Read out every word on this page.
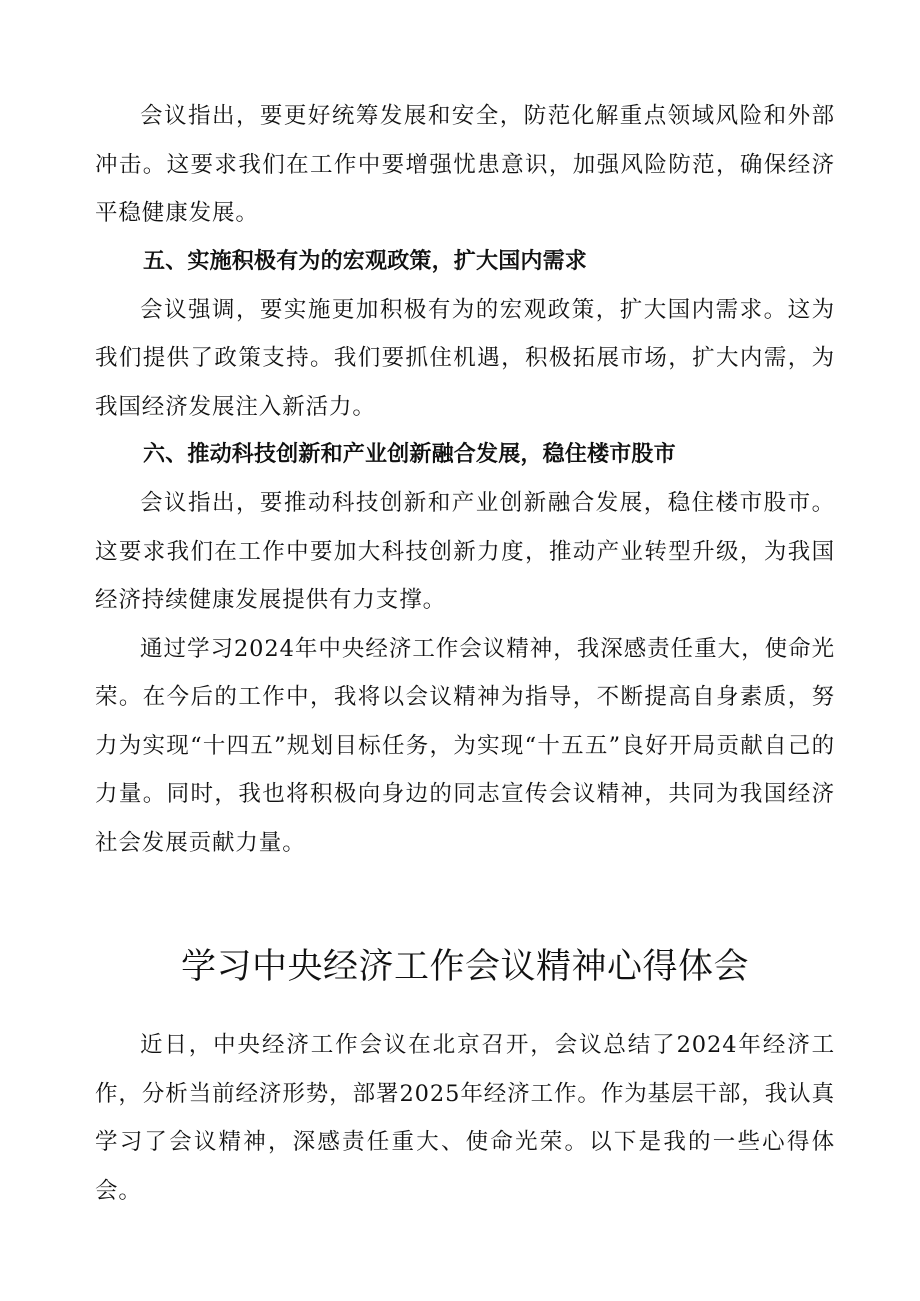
会议指出，要更好统筹发展和安全，防范化解重点领域风险和外部冲击。这要求我们在工作中要增强忧患意识，加强风险防范，确保经济平稳健康发展。

五、实施积极有为的宏观政策，扩大国内需求

会议强调，要实施更加积极有为的宏观政策，扩大国内需求。这为我们提供了政策支持。我们要抓住机遇，积极拓展市场，扩大内需，为我国经济发展注入新活力。

六、推动科技创新和产业创新融合发展，稳住楼市股市

会议指出，要推动科技创新和产业创新融合发展，稳住楼市股市。这要求我们在工作中要加大科技创新力度，推动产业转型升级，为我国经济持续健康发展提供有力支撑。

通过学习2024年中央经济工作会议精神，我深感责任重大，使命光荣。在今后的工作中，我将以会议精神为指导，不断提高自身素质，努力为实现“十四五”规划目标任务，为实现“十五五”良好开局贡献自己的力量。同时，我也将积极向身边的同志宣传会议精神，共同为我国经济社会发展贡献力量。

学习中央经济工作会议精神心得体会

近日，中央经济工作会议在北京召开，会议总结了2024年经济工作，分析当前经济形势，部署2025年经济工作。作为基层干部，我认真学习了会议精神，深感责任重大、使命光荣。以下是我的一些心得体会。
